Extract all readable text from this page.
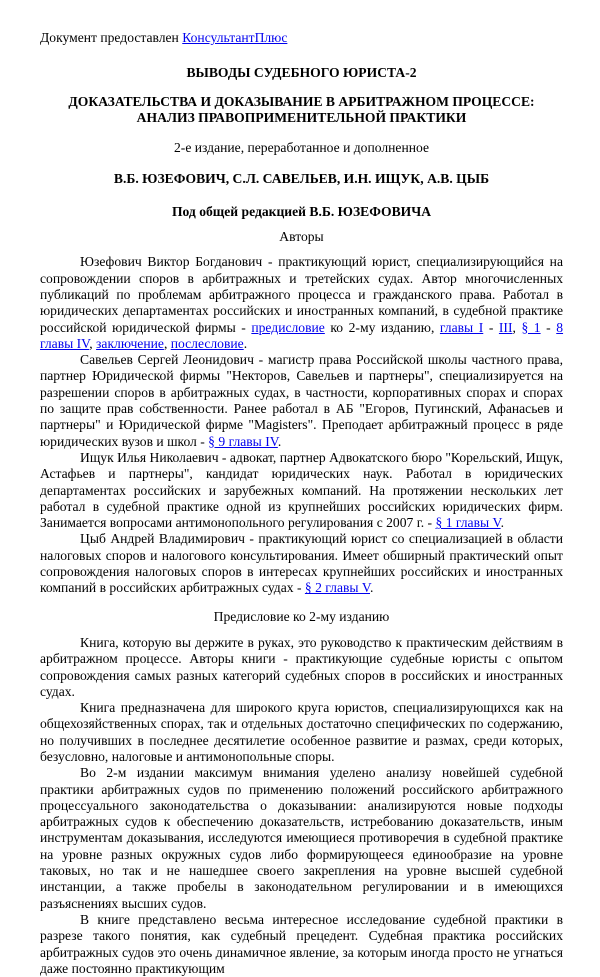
Документ предоставлен КонсультантПлюс
ВЫВОДЫ СУДЕБНОГО ЮРИСТА-2
ДОКАЗАТЕЛЬСТВА И ДОКАЗЫВАНИЕ В АРБИТРАЖНОМ ПРОЦЕССЕ: АНАЛИЗ ПРАВОПРИМЕНИТЕЛЬНОЙ ПРАКТИКИ
2-е издание, переработанное и дополненное
В.Б. ЮЗЕФОВИЧ, С.Л. САВЕЛЬЕВ, И.Н. ИЩУК, А.В. ЦЫБ
Под общей редакцией В.Б. ЮЗЕФОВИЧА
Авторы

Юзефович Виктор Богданович - практикующий юрист, специализирующийся на сопровождении споров в арбитражных и третейских судах. Автор многочисленных публикаций по проблемам арбитражного процесса и гражданского права. Работал в юридических департаментах российских и иностранных компаний, в судебной практике российской юридической фирмы - предисловие ко 2-му изданию, главы I - III, § 1 - 8 главы IV, заключение, послесловие.

Савельев Сергей Леонидович - магистр права Российской школы частного права, партнер Юридической фирмы "Некторов, Савельев и партнеры", специализируется на разрешении споров в арбитражных судах, в частности, корпоративных спорах и спорах по защите прав собственности. Ранее работал в АБ "Егоров, Пугинский, Афанасьев и партнеры" и Юридической фирме "Magisters". Преподает арбитражный процесс в ряде юридических вузов и школ - § 9 главы IV.

Ищук Илья Николаевич - адвокат, партнер Адвокатского бюро "Корельский, Ищук, Астафьев и партнеры", кандидат юридических наук. Работал в юридических департаментах российских и зарубежных компаний. На протяжении нескольких лет работал в судебной практике одной из крупнейших российских юридических фирм. Занимается вопросами антимонопольного регулирования с 2007 г. - § 1 главы V.

Цыб Андрей Владимирович - практикующий юрист со специализацией в области налоговых споров и налогового консультирования. Имеет обширный практический опыт сопровождения налоговых споров в интересах крупнейших российских и иностранных компаний в российских арбитражных судах - § 2 главы V.

Предисловие ко 2-му изданию

Книга, которую вы держите в руках, это руководство к практическим действиям в арбитражном процессе. Авторы книги - практикующие судебные юристы с опытом сопровождения самых разных категорий судебных споров в российских и иностранных судах.

Книга предназначена для широкого круга юристов, специализирующихся как на общехозяйственных спорах, так и отдельных достаточно специфических по содержанию, но получивших в последнее десятилетие особенное развитие и размах, среди которых, безусловно, налоговые и антимонопольные споры.

Во 2-м издании максимум внимания уделено анализу новейшей судебной практики арбитражных судов по применению положений российского арбитражного процессуального законодательства о доказывании: анализируются новые подходы арбитражных судов к обеспечению доказательств, истребованию доказательств, иным инструментам доказывания, исследуются имеющиеся противоречия в судебной практике на уровне разных окружных судов либо формирующееся единообразие на уровне таковых, но так и не нашедшее своего закрепления на уровне высшей судебной инстанции, а также пробелы в законодательном регулировании и в имеющихся разъяснениях высших судов.

В книге представлено весьма интересное исследование судебной практики в разрезе такого понятия, как судебный прецедент. Судебная практика российских арбитражных судов это очень динамичное явление, за которым иногда просто не угнаться даже постоянно практикующим
